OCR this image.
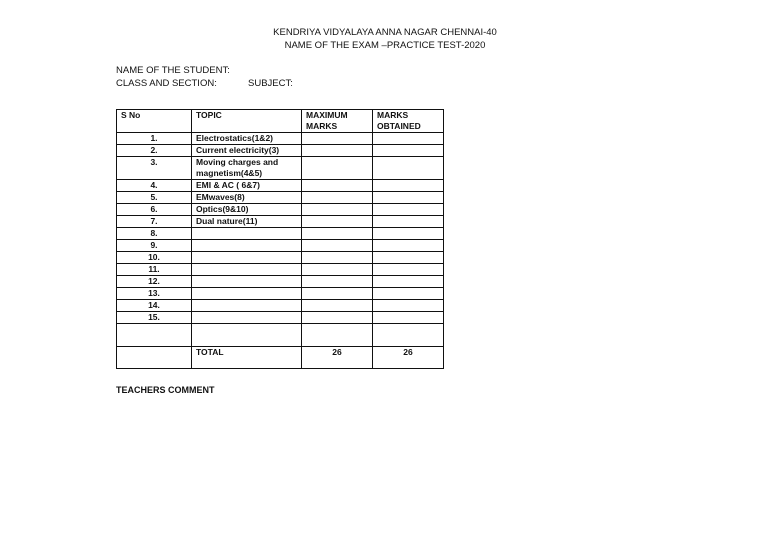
KENDRIYA VIDYALAYA ANNA NAGAR CHENNAI-40
NAME OF THE EXAM –PRACTICE TEST-2020
NAME OF THE STUDENT:
CLASS AND SECTION:	SUBJECT:
S No	TOPIC	MAXIMUM MARKS	MARKS OBTAINED
1.	Electrostatics(1&2)		
2.	Current electricity(3)		
3.	Moving charges and magnetism(4&5)		
4.	EMI & AC ( 6&7)		
5.	EMwaves(8)		
6.	Optics(9&10)		
7.	Dual nature(11)		
8.			
9.			
10.			
11.			
12.			
13.			
14.			
15.			

	TOTAL	26	26
TEACHERS COMMENT
